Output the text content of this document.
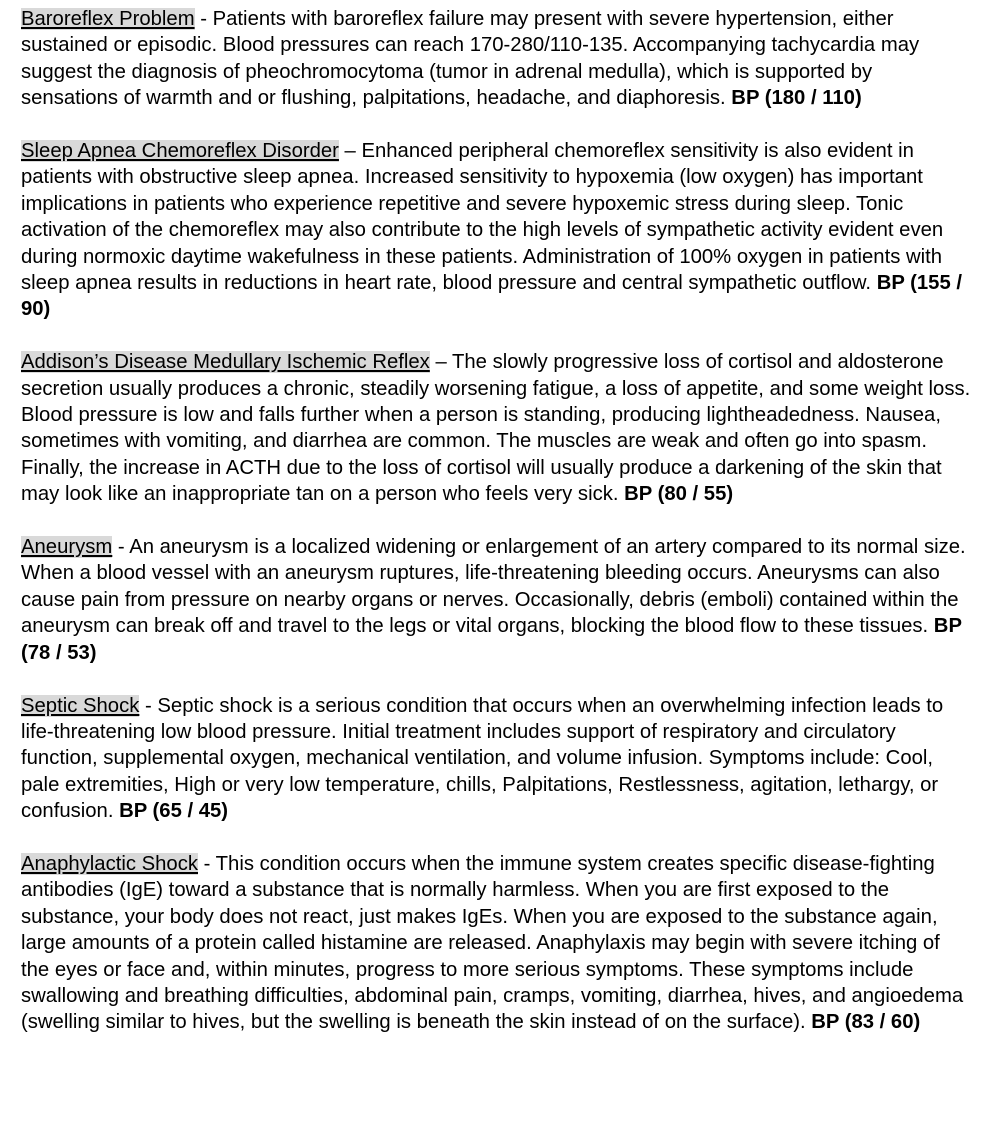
Baroreflex Problem - Patients with baroreflex failure may present with severe hypertension, either sustained or episodic. Blood pressures can reach 170-280/110-135. Accompanying tachycardia may suggest the diagnosis of pheochromocytoma (tumor in adrenal medulla), which is supported by sensations of warmth and or flushing, palpitations, headache, and diaphoresis. BP (180 / 110)

Sleep Apnea Chemoreflex Disorder – Enhanced peripheral chemoreflex sensitivity is also evident in patients with obstructive sleep apnea. Increased sensitivity to hypoxemia (low oxygen) has important implications in patients who experience repetitive and severe hypoxemic stress during sleep. Tonic activation of the chemoreflex may also contribute to the high levels of sympathetic activity evident even during normoxic daytime wakefulness in these patients. Administration of 100% oxygen in patients with sleep apnea results in reductions in heart rate, blood pressure and central sympathetic outflow. BP (155 / 90)

Addison’s Disease Medullary Ischemic Reflex – The slowly progressive loss of cortisol and aldosterone secretion usually produces a chronic, steadily worsening fatigue, a loss of appetite, and some weight loss. Blood pressure is low and falls further when a person is standing, producing lightheadedness. Nausea, sometimes with vomiting, and diarrhea are common. The muscles are weak and often go into spasm. Finally, the increase in ACTH due to the loss of cortisol will usually produce a darkening of the skin that may look like an inappropriate tan on a person who feels very sick. BP (80 / 55)

Aneurysm - An aneurysm is a localized widening or enlargement of an artery compared to its normal size. When a blood vessel with an aneurysm ruptures, life-threatening bleeding occurs. Aneurysms can also cause pain from pressure on nearby organs or nerves. Occasionally, debris (emboli) contained within the aneurysm can break off and travel to the legs or vital organs, blocking the blood flow to these tissues. BP (78 / 53)

Septic Shock - Septic shock is a serious condition that occurs when an overwhelming infection leads to life-threatening low blood pressure. Initial treatment includes support of respiratory and circulatory function, supplemental oxygen, mechanical ventilation, and volume infusion. Symptoms include: Cool, pale extremities, High or very low temperature, chills, Palpitations, Restlessness, agitation, lethargy, or confusion. BP (65 / 45)

Anaphylactic Shock - This condition occurs when the immune system creates specific disease-fighting antibodies (IgE) toward a substance that is normally harmless. When you are first exposed to the substance, your body does not react, just makes IgEs. When you are exposed to the substance again, large amounts of a protein called histamine are released. Anaphylaxis may begin with severe itching of the eyes or face and, within minutes, progress to more serious symptoms. These symptoms include swallowing and breathing difficulties, abdominal pain, cramps, vomiting, diarrhea, hives, and angioedema (swelling similar to hives, but the swelling is beneath the skin instead of on the surface). BP (83 / 60)
